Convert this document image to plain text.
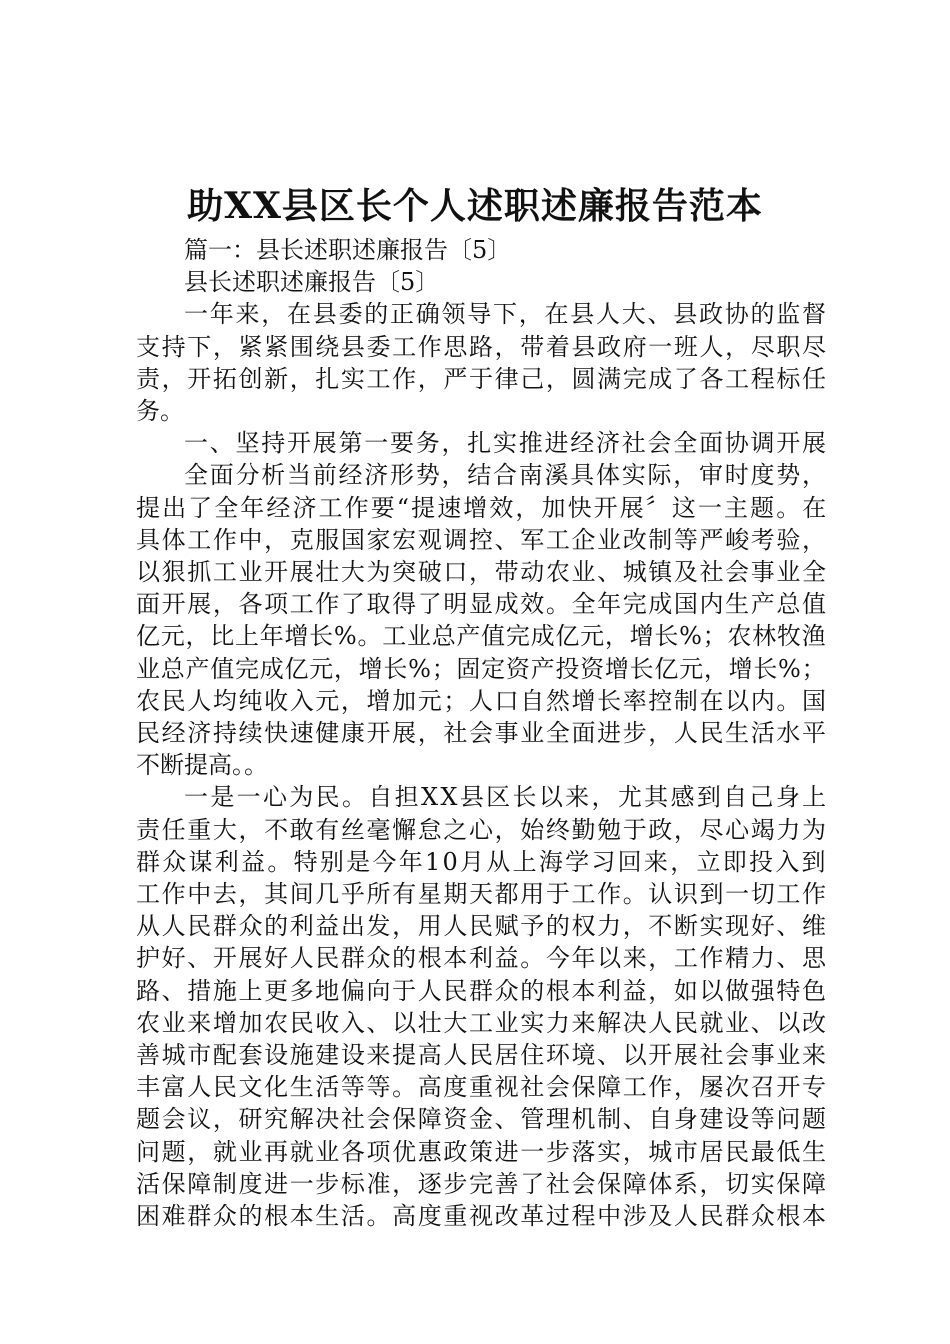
助XX县区长个人述职述廉报告范本
篇一：县长述职述廉报告〔5〕
县长述职述廉报告〔5〕
一年来，在县委的正确领导下，在县人大、县政协的监督
支持下，紧紧围绕县委工作思路，带着县政府一班人，尽职尽
责，开拓创新，扎实工作，严于律己，圆满完成了各工程标任
务。
一、坚持开展第一要务，扎实推进经济社会全面协调开展
全面分析当前经济形势，结合南溪具体实际，审时度势，
提出了全年经济工作要“提速增效，加快开展〞这一主题。在
具体工作中，克服国家宏观调控、军工企业改制等严峻考验，
以狠抓工业开展壮大为突破口，带动农业、城镇及社会事业全
面开展，各项工作了取得了明显成效。全年完成国内生产总值
亿元，比上年增长%。工业总产值完成亿元，增长%；农林牧渔
业总产值完成亿元，增长%；固定资产投资增长亿元，增长%；
农民人均纯收入元，增加元；人口自然增长率控制在以内。国
民经济持续快速健康开展，社会事业全面进步，人民生活水平
不断提高。。
一是一心为民。自担XX县区长以来，尤其感到自己身上
责任重大，不敢有丝毫懈怠之心，始终勤勉于政，尽心竭力为
群众谋利益。特别是今年10月从上海学习回来，立即投入到
工作中去，其间几乎所有星期天都用于工作。认识到一切工作
从人民群众的利益出发，用人民赋予的权力，不断实现好、维
护好、开展好人民群众的根本利益。今年以来，工作精力、思
路、措施上更多地偏向于人民群众的根本利益，如以做强特色
农业来增加农民收入、以壮大工业实力来解决人民就业、以改
善城市配套设施建设来提高人民居住环境、以开展社会事业来
丰富人民文化生活等等。高度重视社会保障工作，屡次召开专
题会议，研究解决社会保障资金、管理机制、自身建设等问题
问题，就业再就业各项优惠政策进一步落实，城市居民最低生
活保障制度进一步标准，逐步完善了社会保障体系，切实保障
困难群众的根本生活。高度重视改革过程中涉及人民群众根本
